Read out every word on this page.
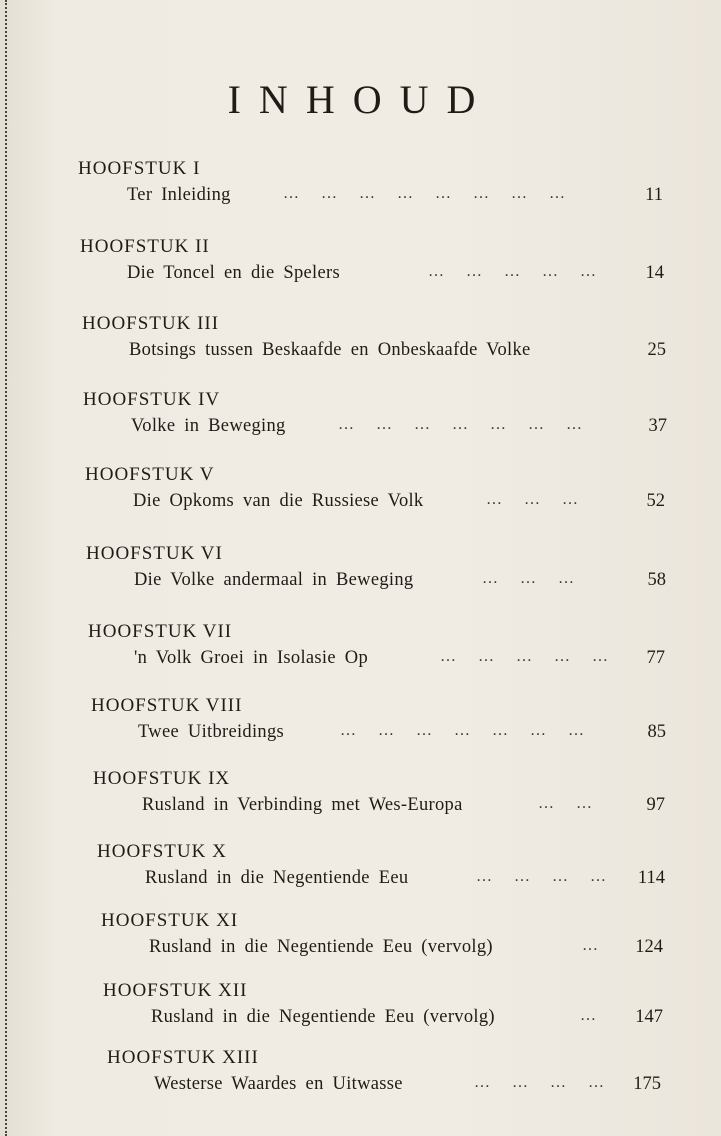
INHOUD
HOOFSTUK I
Ter Inleiding	… … … … … … … …	11
HOOFSTUK II
Die Toncel en die Spelers	… … … … … 14
HOOFSTUK III
Botsings tussen Beskaafde en Onbeskaafde Volke	25
HOOFSTUK IV
Volke in Beweging	… … … … … … …	37
HOOFSTUK V
Die Opkoms van die Russiese Volk	… … …	52
HOOFSTUK VI
Die Volke andermaal in Beweging	… … …	58
HOOFSTUK VII
'n Volk Groei in Isolasie Op	… … … … … 77
HOOFSTUK VIII
Twee Uitbreidings	… … … … … … …	85
HOOFSTUK IX
Rusland in Verbinding met Wes-Europa	… … 97
HOOFSTUK X
Rusland in die Negentiende Eeu	… … … … 114
HOOFSTUK XI
Rusland in die Negentiende Eeu (vervolg)	… 124
HOOFSTUK XII
Rusland in die Negentiende Eeu (vervolg)	… 147
HOOFSTUK XIII
Westerse Waardes en Uitwasse	… … … … 175
